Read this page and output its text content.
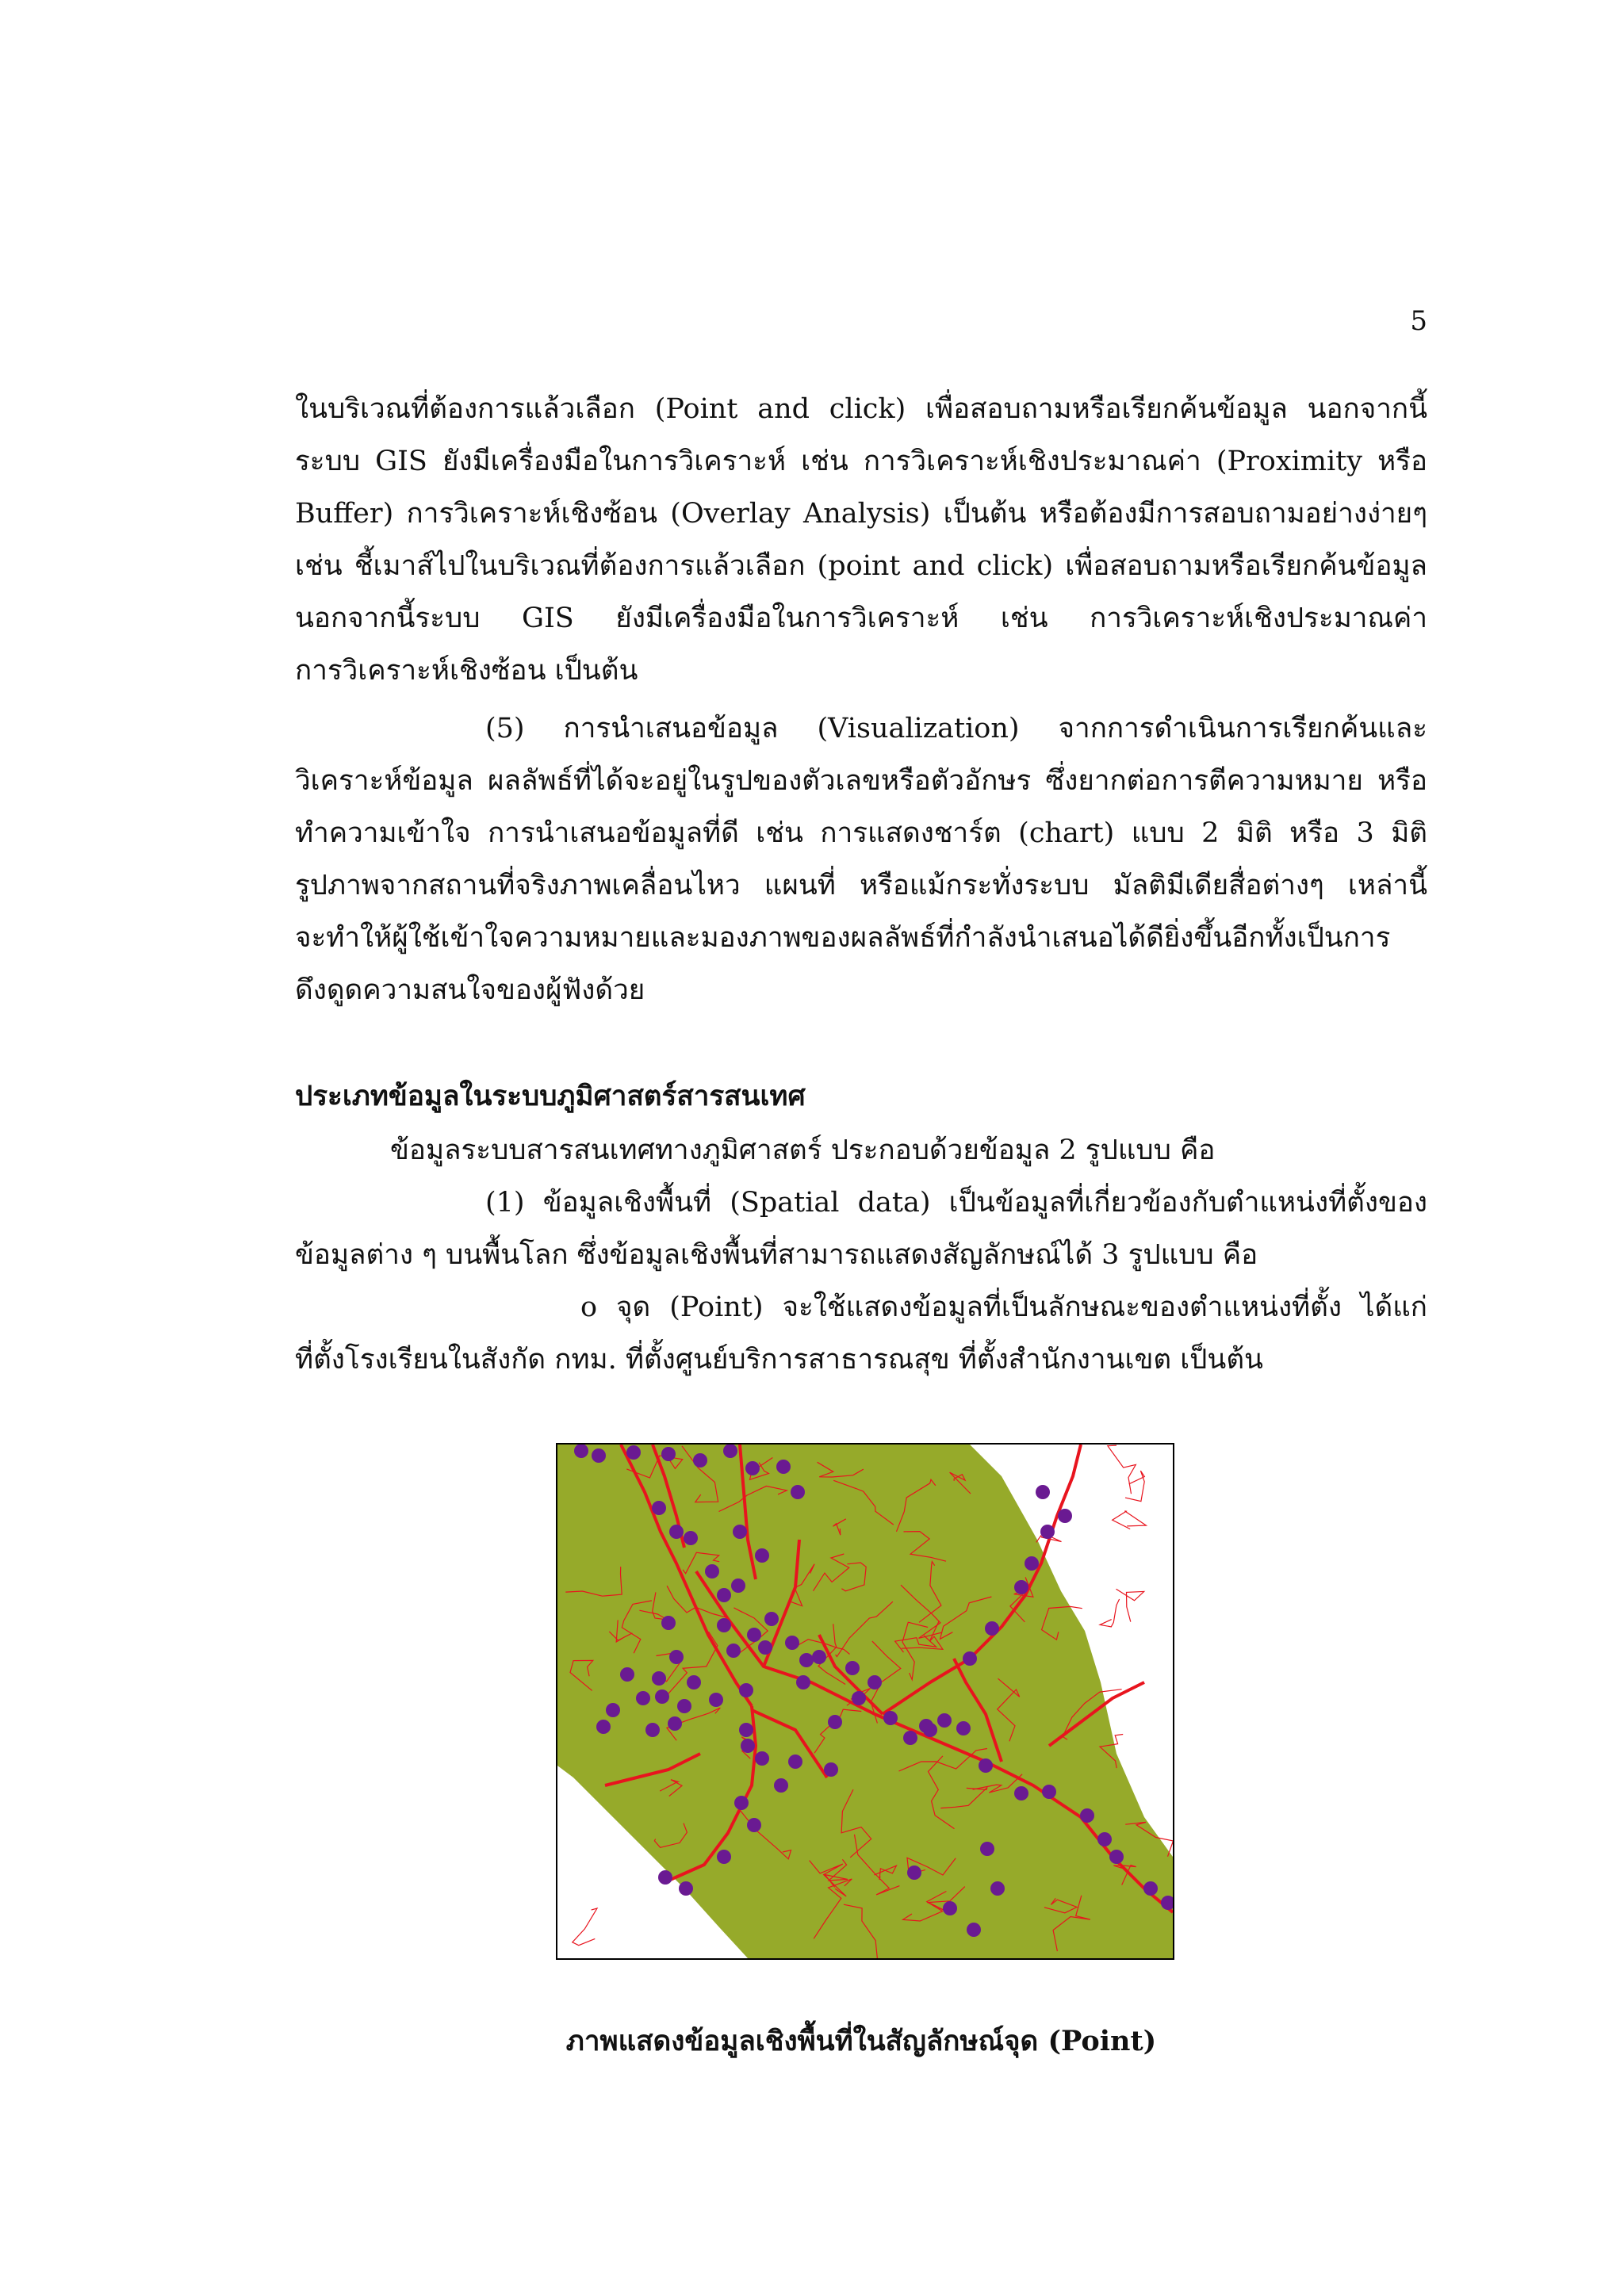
5
ในบริเวณที่ต้องการแล้วเลือก (Point and click) เพื่อสอบถามหรือเรียกค้นข้อมูล นอกจากนี้
ระบบ GIS ยังมีเครื่องมือในการวิเคราะห์ เช่น การวิเคราะห์เชิงประมาณค่า (Proximity หรือ
Buffer) การวิเคราะห์เชิงซ้อน (Overlay Analysis) เป็นต้น หรือต้องมีการสอบถามอย่างง่ายๆ
เช่น ชี้เมาส์ไปในบริเวณที่ต้องการแล้วเลือก (point and click) เพื่อสอบถามหรือเรียกค้นข้อมูล
นอกจากนี้ระบบ GIS ยังมีเครื่องมือในการวิเคราะห์ เช่น การวิเคราะห์เชิงประมาณค่า
การวิเคราะห์เชิงซ้อน เป็นต้น
(5) การนำเสนอข้อมูล (Visualization) จากการดำเนินการเรียกค้นและ
วิเคราะห์ข้อมูล ผลลัพธ์ที่ได้จะอยู่ในรูปของตัวเลขหรือตัวอักษร ซึ่งยากต่อการตีความหมาย หรือ
ทำความเข้าใจ การนำเสนอข้อมูลที่ดี เช่น การแสดงชาร์ต (chart) แบบ 2 มิติ หรือ 3 มิติ
รูปภาพจากสถานที่จริงภาพเคลื่อนไหว แผนที่ หรือแม้กระทั่งระบบ มัลติมีเดียสื่อต่างๆ เหล่านี้
จะทำให้ผู้ใช้เข้าใจความหมายและมองภาพของผลลัพธ์ที่กำลังนำเสนอได้ดียิ่งขึ้นอีกทั้งเป็นการ
ดึงดูดความสนใจของผู้ฟังด้วย
ประเภทข้อมูลในระบบภูมิศาสตร์สารสนเทศ
ข้อมูลระบบสารสนเทศทางภูมิศาสตร์ ประกอบด้วยข้อมูล 2 รูปแบบ คือ
(1) ข้อมูลเชิงพื้นที่ (Spatial data) เป็นข้อมูลที่เกี่ยวข้องกับตำแหน่งที่ตั้งของ
ข้อมูลต่าง ๆ บนพื้นโลก ซึ่งข้อมูลเชิงพื้นที่สามารถแสดงสัญลักษณ์ได้ 3 รูปแบบ คือ
o จุด (Point) จะใช้แสดงข้อมูลที่เป็นลักษณะของตำแหน่งที่ตั้ง ได้แก่
ที่ตั้งโรงเรียนในสังกัด กทม. ที่ตั้งศูนย์บริการสาธารณสุข ที่ตั้งสำนักงานเขต เป็นต้น
ภาพแสดงข้อมูลเชิงพื้นที่ในสัญลักษณ์จุด (Point)
